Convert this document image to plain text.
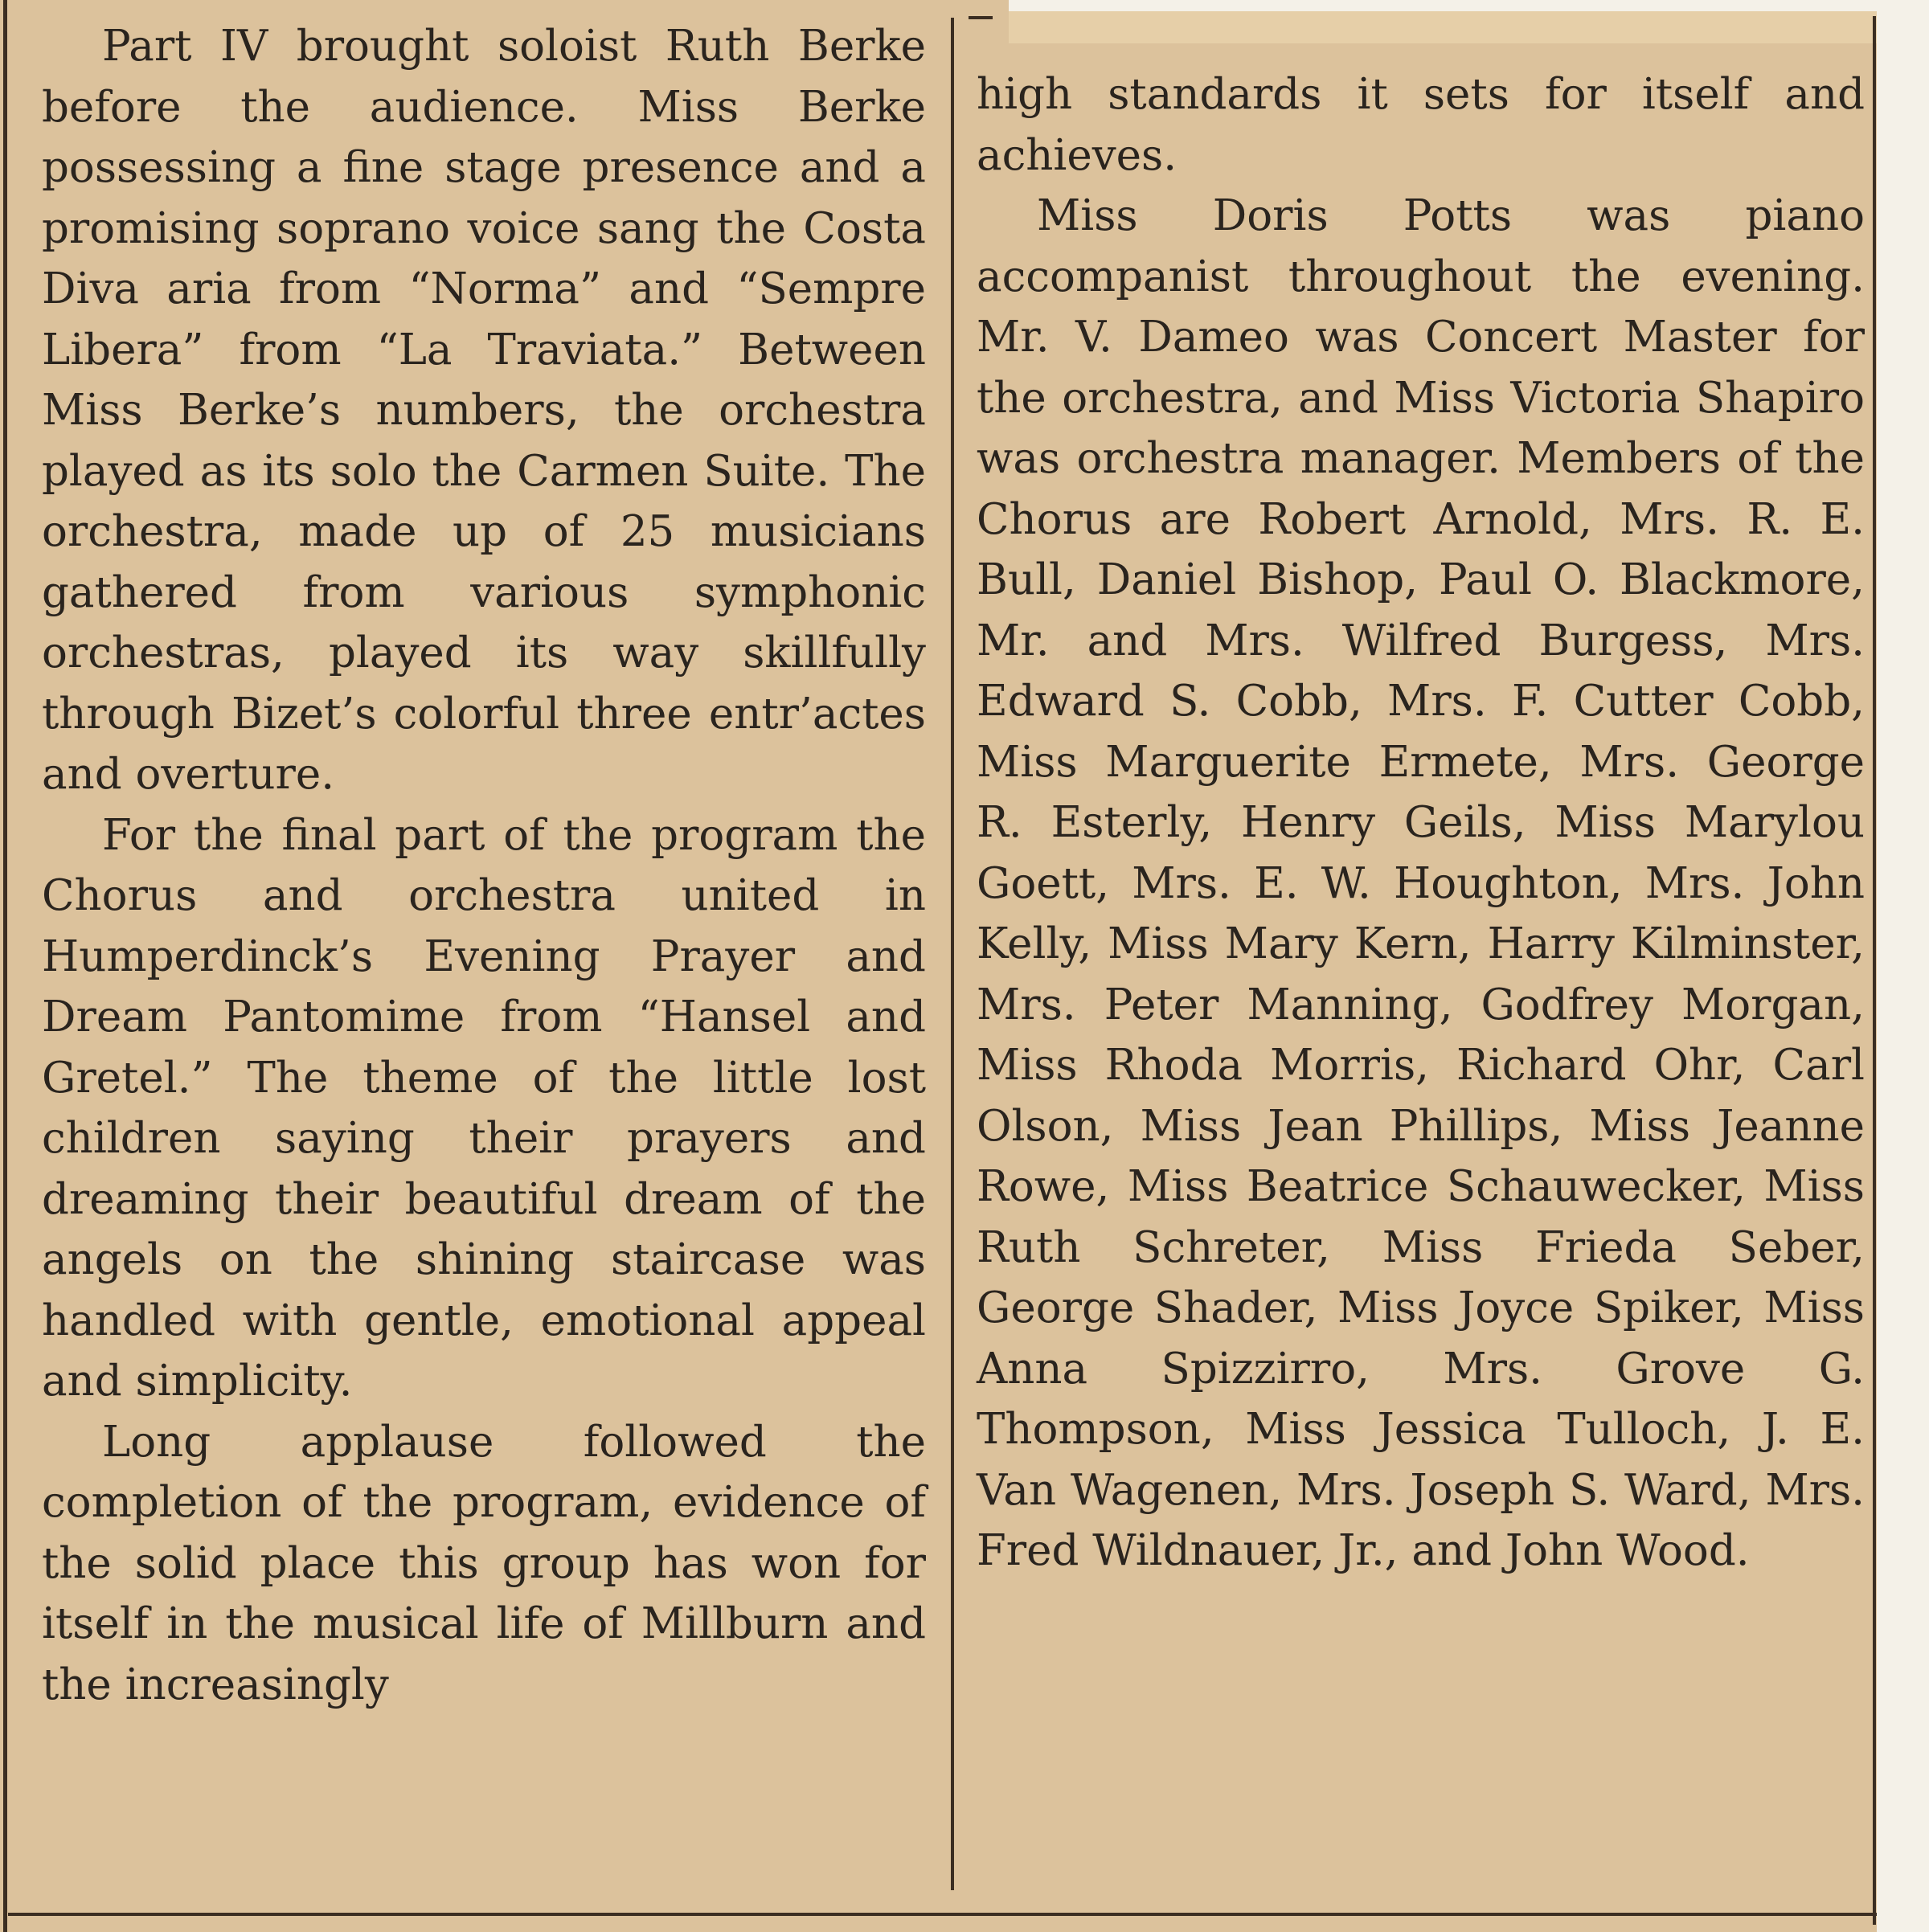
Part IV brought soloist Ruth Berke before the audience. Miss Berke possessing a fine stage presence and a promising soprano voice sang the Costa Diva aria from “Norma” and “Sempre Libera” from “La Traviata.” Between Miss Berke’s numbers, the orchestra played as its solo the Carmen Suite. The orchestra, made up of 25 musicians gathered from various symphonic orchestras, played its way skillfully through Bizet’s colorful three entr’actes and overture.

For the final part of the program the Chorus and orchestra united in Humperdinck’s Evening Prayer and Dream Pantomime from “Hansel and Gretel.” The theme of the little lost children saying their prayers and dreaming their beautiful dream of the angels on the shining staircase was handled with gentle, emotional appeal and simplicity.

Long applause followed the completion of the program, evidence of the solid place this group has won for itself in the musical life of Millburn and the increasingly

high standards it sets for itself and achieves.

Miss Doris Potts was piano accompanist throughout the evening. Mr. V. Dameo was Concert Master for the orchestra, and Miss Victoria Shapiro was orchestra manager. Members of the Chorus are Robert Arnold, Mrs. R. E. Bull, Daniel Bishop, Paul O. Blackmore, Mr. and Mrs. Wilfred Burgess, Mrs. Edward S. Cobb, Mrs. F. Cutter Cobb, Miss Marguerite Ermete, Mrs. George R. Esterly, Henry Geils, Miss Marylou Goett, Mrs. E. W. Houghton, Mrs. John Kelly, Miss Mary Kern, Harry Kilminster, Mrs. Peter Manning, Godfrey Morgan, Miss Rhoda Morris, Richard Ohr, Carl Olson, Miss Jean Phillips, Miss Jeanne Rowe, Miss Beatrice Schauwecker, Miss Ruth Schreter, Miss Frieda Seber, George Shader, Miss Joyce Spiker, Miss Anna Spizzirro, Mrs. Grove G. Thompson, Miss Jessica Tulloch, J. E. Van Wagenen, Mrs. Joseph S. Ward, Mrs. Fred Wildnauer, Jr., and John Wood.
